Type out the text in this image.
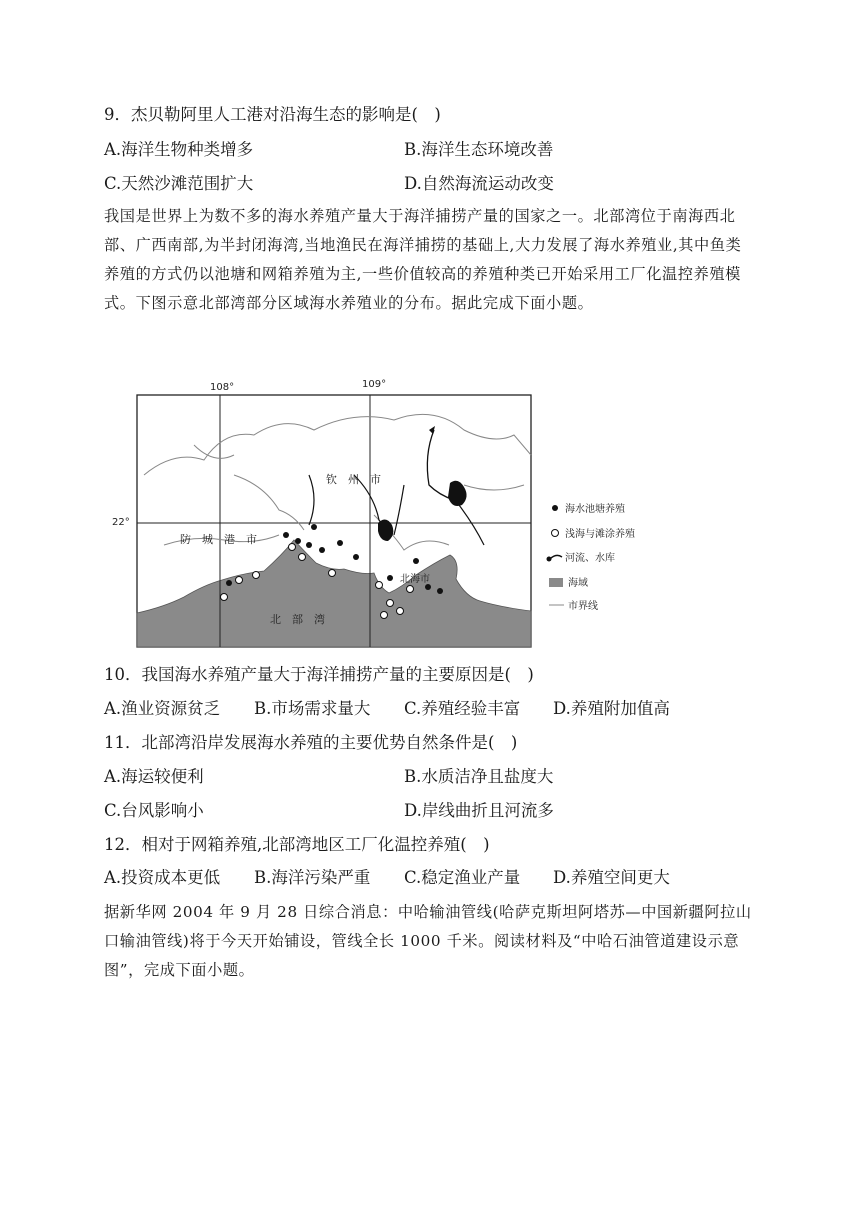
9．杰贝勒阿里人工港对沿海生态的影响是(　)
A.海洋生物种类增多	B.海洋生态环境改善
C.天然沙滩范围扩大	D.自然海流运动改变
我国是世界上为数不多的海水养殖产量大于海洋捕捞产量的国家之一。北部湾位于南海西北部、广西南部,为半封闭海湾,当地渔民在海洋捕捞的基础上,大力发展了海水养殖业,其中鱼类养殖的方式仍以池塘和网箱养殖为主,一些价值较高的养殖种类已开始采用工厂化温控养殖模式。下图示意北部湾部分区域海水养殖业的分布。据此完成下面小题。
108°	109°
22°
钦　州　市
防　城　港　市
北海市
北　部　湾
海水池塘养殖
浅海与滩涂养殖
河流、水库
海域
市界线
10．我国海水养殖产量大于海洋捕捞产量的主要原因是(　)
A.渔业资源贫乏 B.市场需求量大 C.养殖经验丰富 D.养殖附加值高
11．北部湾沿岸发展海水养殖的主要优势自然条件是(　)
A.海运较便利	B.水质洁净且盐度大
C.台风影响小	D.岸线曲折且河流多
12．相对于网箱养殖,北部湾地区工厂化温控养殖(　)
A.投资成本更低 B.海洋污染严重 C.稳定渔业产量 D.养殖空间更大
据新华网 2004 年 9 月 28 日综合消息：中哈输油管线(哈萨克斯坦阿塔苏—中国新疆阿拉山口输油管线)将于今天开始铺设，管线全长 1000 千米。阅读材料及“中哈石油管道建设示意图”，完成下面小题。
